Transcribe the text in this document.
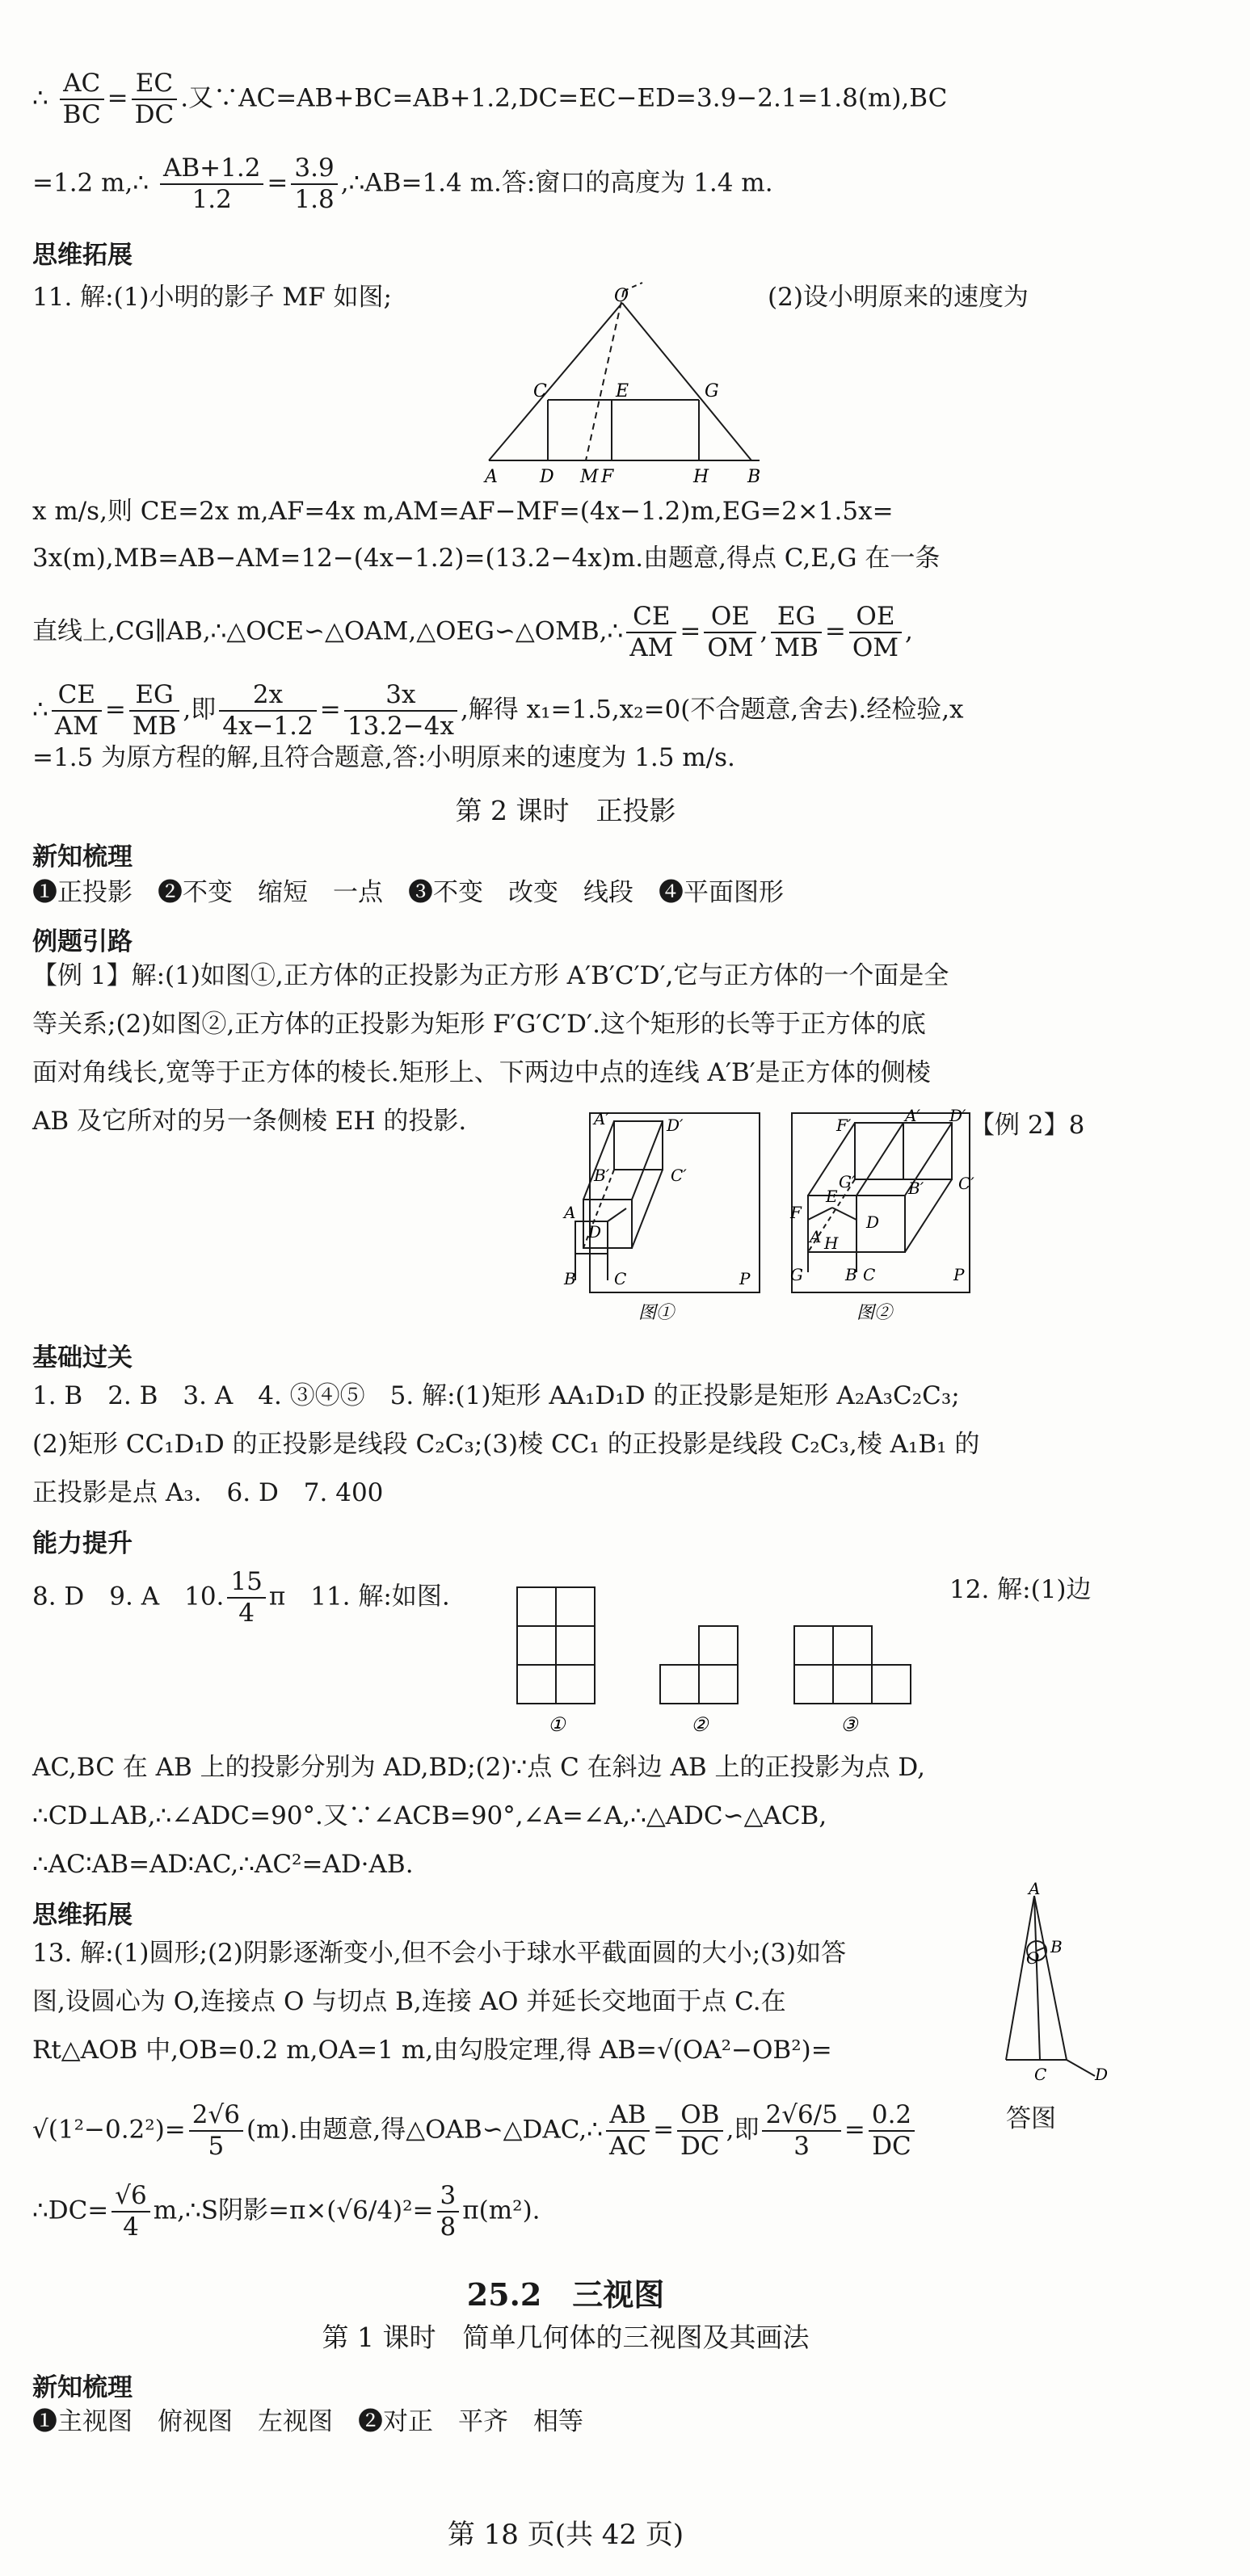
∴ $\frac{AC}{BC} = \frac{EC}{DC}$ .又∵AC=AB+BC=AB+1.2,DC=EC−ED=3.9−2.1=1.8(m),BC
=1.2 m,∴ $\frac{AB+1.2}{1.2} = \frac{3.9}{1.8}$ ,∴AB=1.4 m.答:窗口的高度为 1.4 m.
思维拓展
11. 解:(1)小明的影子 MF 如图;	(2)设小明原来的速度为
O
C	E	G
A D M F	H B
x m/s,则 CE=2x m,AF=4x m,AM=AF−MF=(4x−1.2)m,EG=2×1.5x=
3x(m),MB=AB−AM=12−(4x−1.2)=(13.2−4x)m.由题意,得点 C,E,G 在一条
直线上,CG∥AB,∴△OCE∽△OAM,△OEG∽△OMB,∴ $\frac{CE}{AM} = \frac{OE}{OM}$ , $\frac{EG}{MB} = \frac{OE}{OM}$ ,
∴ $\frac{CE}{AM} = \frac{EG}{MB}$ ,即 $\frac{2x}{4x-1.2} = \frac{3x}{13.2-4x}$ ,解得 x₁=1.5,x₂=0(不合题意,舍去).经检验,x
=1.5 为原方程的解,且符合题意,答:小明原来的速度为 1.5 m/s.
第 2 课时　正投影
新知梳理
❶正投影　❷不变　缩短　一点　❸不变　改变　线段　❹平面图形
例题引路
【例 1】解:(1)如图①,正方体的正投影为正方形 A′B′C′D′,它与正方体的一个面是全
等关系;(2)如图②,正方体的正投影为矩形 F′G′C′D′.这个矩形的长等于正方体的底
面对角线长,宽等于正方体的棱长.矩形上、下两边中点的连线 A′B′是正方体的侧棱
AB 及它所对的另一条侧棱 EH 的投影.	【例 2】8
A′	D′
B′	C′
A
D
B C	P
图①
F′	A′ D′
G′	B′ C′
E
F	D
A H
G	B C	P
图②
基础过关
1. B　2. B　3. A　4. ③④⑤　5. 解:(1)矩形 AA₁D₁D 的正投影是矩形 A₂A₃C₂C₃;
(2)矩形 CC₁D₁D 的正投影是线段 C₂C₃;(3)棱 CC₁ 的正投影是线段 C₂C₃,棱 A₁B₁ 的
正投影是点 A₃.　6. D　7. 400
能力提升
8. D　9. A　10. $\frac{15}{4}$ π　11. 解:如图.	12. 解:(1)边
①	②	③
AC,BC 在 AB 上的投影分别为 AD,BD;(2)∵点 C 在斜边 AB 上的正投影为点 D,
∴CD⊥AB,∴∠ADC=90°.又∵∠ACB=90°,∠A=∠A,∴△ADC∽△ACB,
∴AC∶AB=AD∶AC,∴AC²=AD·AB.
思维拓展
13. 解:(1)圆形;(2)阴影逐渐变小,但不会小于球水平截面圆的大小;(3)如答
图,设圆心为 O,连接点 O 与切点 B,连接 AO 并延长交地面于点 C.在
Rt△AOB 中,OB=0.2 m,OA=1 m,由勾股定理,得 AB=√(OA²−OB²)=
A
B
O
C	D
$√(1^2-0.2^2)= \frac{2√6}{5} (m)$.由题意,得△OAB∽△DAC,∴ $\frac{AB}{AC} = \frac{OB}{DC}$ ,即 $\frac{2√6/5}{3} = \frac{0.2}{DC}$	答图
∴DC= $\frac{√6}{4}$ m,∴S阴影$=\pi\times(√6/4)^2= \frac{3}{8} \pi(m^2)$.
25.2　三视图
第 1 课时　简单几何体的三视图及其画法
新知梳理
❶主视图　俯视图　左视图　❷对正　平齐　相等
第 18 页(共 42 页)
